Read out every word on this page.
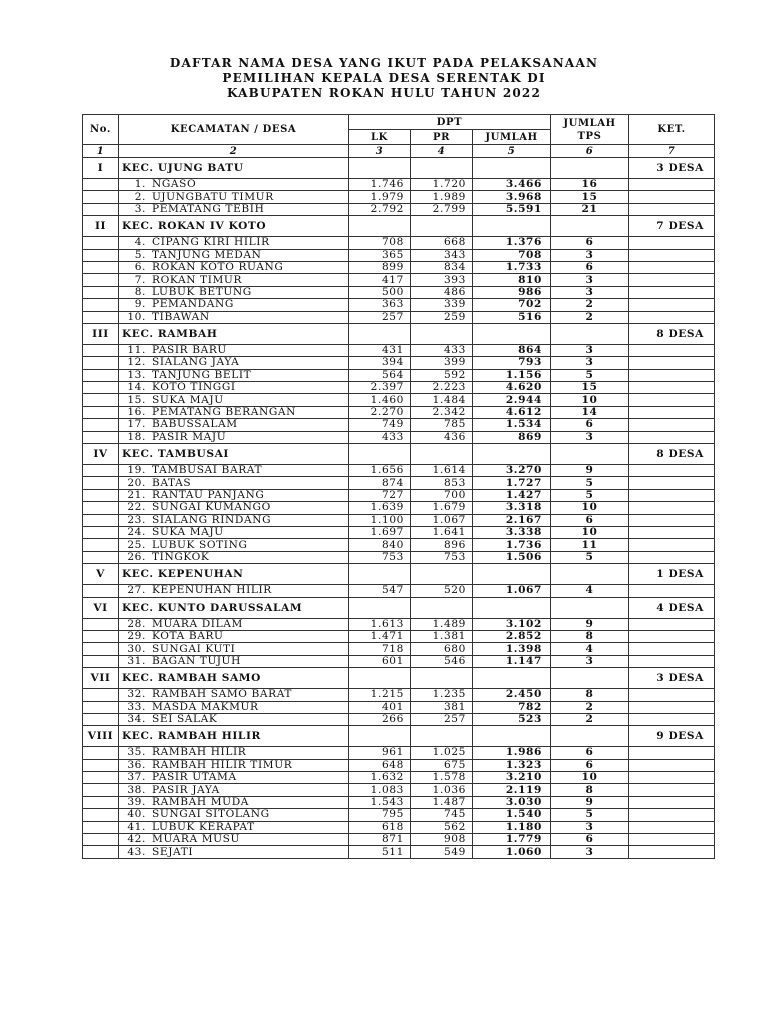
DAFTAR NAMA DESA YANG IKUT PADA PELAKSANAAN
PEMILIHAN KEPALA DESA SERENTAK DI
KABUPATEN ROKAN HULU TAHUN 2022
No.	KECAMATAN / DESA	DPT			JUMLAH TPS	KET.
		LK	PR	JUMLAH		
1	2	3	4	5	6	7
I	KEC. UJUNG BATU					3 DESA
	1. NGASO	1.746	1.720	3.466	16	
	2. UJUNGBATU TIMUR	1.979	1.989	3.968	15	
	3. PEMATANG TEBIH	2.792	2.799	5.591	21	
II	KEC. ROKAN IV KOTO					7 DESA
	4. CIPANG KIRI HILIR	708	668	1.376	6	
	5. TANJUNG MEDAN	365	343	708	3	
	6. ROKAN KOTO RUANG	899	834	1.733	6	
	7. ROKAN TIMUR	417	393	810	3	
	8. LUBUK BETUNG	500	486	986	3	
	9. PEMANDANG	363	339	702	2	
	10. TIBAWAN	257	259	516	2	
III	KEC. RAMBAH					8 DESA
	11. PASIR BARU	431	433	864	3	
	12. SIALANG JAYA	394	399	793	3	
	13. TANJUNG BELIT	564	592	1.156	5	
	14. KOTO TINGGI	2.397	2.223	4.620	15	
	15. SUKA MAJU	1.460	1.484	2.944	10	
	16. PEMATANG BERANGAN	2.270	2.342	4.612	14	
	17. BABUSSALAM	749	785	1.534	6	
	18. PASIR MAJU	433	436	869	3	
IV	KEC. TAMBUSAI					8 DESA
	19. TAMBUSAI BARAT	1.656	1.614	3.270	9	
	20. BATAS	874	853	1.727	5	
	21. RANTAU PANJANG	727	700	1.427	5	
	22. SUNGAI KUMANGO	1.639	1.679	3.318	10	
	23. SIALANG RINDANG	1.100	1.067	2.167	6	
	24. SUKA MAJU	1.697	1.641	3.338	10	
	25. LUBUK SOTING	840	896	1.736	11	
	26. TINGKOK	753	753	1.506	5	
V	KEC. KEPENUHAN					1 DESA
	27. KEPENUHAN HILIR	547	520	1.067	4	
VI	KEC. KUNTO DARUSSALAM					4 DESA
	28. MUARA DILAM	1.613	1.489	3.102	9	
	29. KOTA BARU	1.471	1.381	2.852	8	
	30. SUNGAI KUTI	718	680	1.398	4	
	31. BAGAN TUJUH	601	546	1.147	3	
VII	KEC. RAMBAH SAMO					3 DESA
	32. RAMBAH SAMO BARAT	1.215	1.235	2.450	8	
	33. MASDA MAKMUR	401	381	782	2	
	34. SEI SALAK	266	257	523	2	
VIII	KEC. RAMBAH HILIR					9 DESA
	35. RAMBAH HILIR	961	1.025	1.986	6	
	36. RAMBAH HILIR TIMUR	648	675	1.323	6	
	37. PASIR UTAMA	1.632	1.578	3.210	10	
	38. PASIR JAYA	1.083	1.036	2.119	8	
	39. RAMBAH MUDA	1.543	1.487	3.030	9	
	40. SUNGAI SITOLANG	795	745	1.540	5	
	41. LUBUK KERAPAT	618	562	1.180	3	
	42. MUARA MUSU	871	908	1.779	6	
	43. SEJATI	511	549	1.060	3	
